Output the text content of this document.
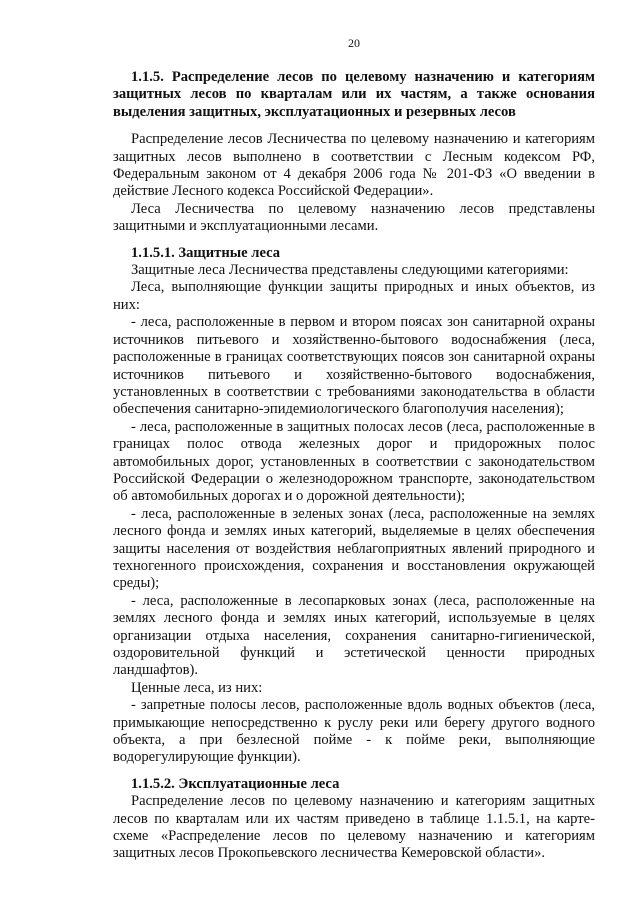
20

1.1.5. Распределение лесов по целевому назначению и категориям защитных лесов по кварталам или их частям, а также основания выделения защитных, эксплуатационных и резервных лесов

Распределение лесов Лесничества по целевому назначению и категориям защитных лесов выполнено в соответствии с Лесным кодексом РФ, Федеральным законом от 4 декабря 2006 года № 201-ФЗ «О введении в действие Лесного кодекса Российской Федерации».

Леса Лесничества по целевому назначению лесов представлены защитными и эксплуатационными лесами.

1.1.5.1. Защитные леса

Защитные леса Лесничества представлены следующими категориями:

Леса, выполняющие функции защиты природных и иных объектов, из них:

- леса, расположенные в первом и втором поясах зон санитарной охраны источников питьевого и хозяйственно-бытового водоснабжения (леса, расположенные в границах соответствующих поясов зон санитарной охраны источников питьевого и хозяйственно-бытового водоснабжения, установленных в соответствии с требованиями законодательства в области обеспечения санитарно-эпидемиологического благополучия населения);

- леса, расположенные в защитных полосах лесов (леса, расположенные в границах полос отвода железных дорог и придорожных полос автомобильных дорог, установленных в соответствии с законодательством Российской Федерации о железнодорожном транспорте, законодательством об автомобильных дорогах и о дорожной деятельности);

- леса, расположенные в зеленых зонах (леса, расположенные на землях лесного фонда и землях иных категорий, выделяемые в целях обеспечения защиты населения от воздействия неблагоприятных явлений природного и техногенного происхождения, сохранения и восстановления окружающей среды);

- леса, расположенные в лесопарковых зонах (леса, расположенные на землях лесного фонда и землях иных категорий, используемые в целях организации отдыха населения, сохранения санитарно-гигиенической, оздоровительной функций и эстетической ценности природных ландшафтов).

Ценные леса, из них:

- запретные полосы лесов, расположенные вдоль водных объектов (леса, примыкающие непосредственно к руслу реки или берегу другого водного объекта, а при безлесной пойме - к пойме реки, выполняющие водорегулирующие функции).

1.1.5.2. Эксплуатационные леса

Распределение лесов по целевому назначению и категориям защитных лесов по кварталам или их частям приведено в таблице 1.1.5.1, на карте-схеме «Распределение лесов по целевому назначению и категориям защитных лесов Прокопьевского лесничества Кемеровской области».
